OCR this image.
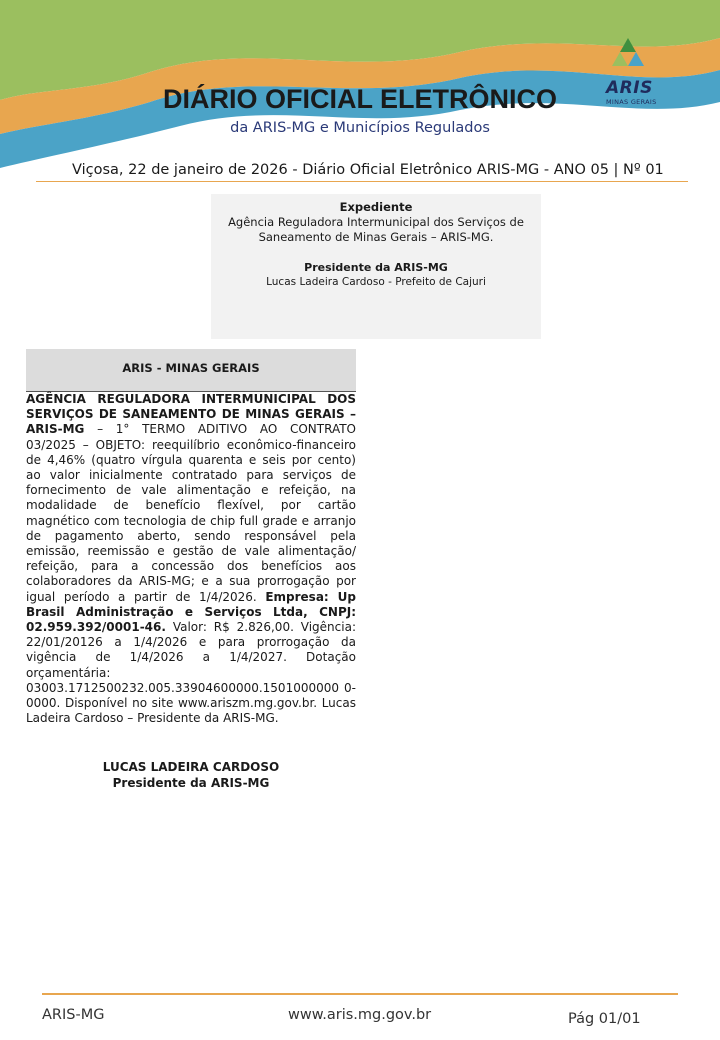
ARIS
MINAS GERAIS
DIÁRIO OFICIAL ELETRÔNICO
da ARIS-MG e Municípios Regulados
Viçosa, 22 de janeiro de 2026 - Diário Oficial Eletrônico ARIS-MG - ANO 05 | Nº 01
Expediente
Agência Reguladora Intermunicipal dos Serviços de
Saneamento de Minas Gerais – ARIS-MG.
Presidente da ARIS-MG
Lucas Ladeira Cardoso - Prefeito de Cajuri
ARIS - MINAS GERAIS
AGÊNCIA REGULADORA INTERMUNICIPAL DOS SERVIÇOS DE SANEAMENTO DE MINAS GERAIS – ARIS-MG – 1° TERMO ADITIVO AO CONTRATO 03/2025 – OBJETO: reequilíbrio econômico-financeiro de 4,46% (quatro vírgula quarenta e seis por cento) ao valor inicialmente contratado para serviços de fornecimento de vale alimentação e refeição, na modalidade de benefício flexível, por cartão magnético com tecnologia de chip full grade e arranjo de pagamento aberto, sendo responsável pela emissão, reemissão e gestão de vale alimentação/ refeição, para a concessão dos benefícios aos colaboradores da ARIS-MG; e a sua prorrogação por igual período a partir de 1/4/2026. Empresa: Up Brasil Administração e Serviços Ltda, CNPJ: 02.959.392/0001-46. Valor: R$ 2.826,00. Vigência: 22/01/20126 a 1/4/2026 e para prorrogação da vigência de 1/4/2026 a 1/4/2027. Dotação orçamentária: 03003.1712500232.005.33904600000.1501000000 0-0000. Disponível no site www.ariszm.mg.gov.br. Lucas Ladeira Cardoso – Presidente da ARIS-MG.
LUCAS LADEIRA CARDOSO
Presidente da ARIS-MG
ARIS-MG	www.aris.mg.gov.br	Pág 01/01
